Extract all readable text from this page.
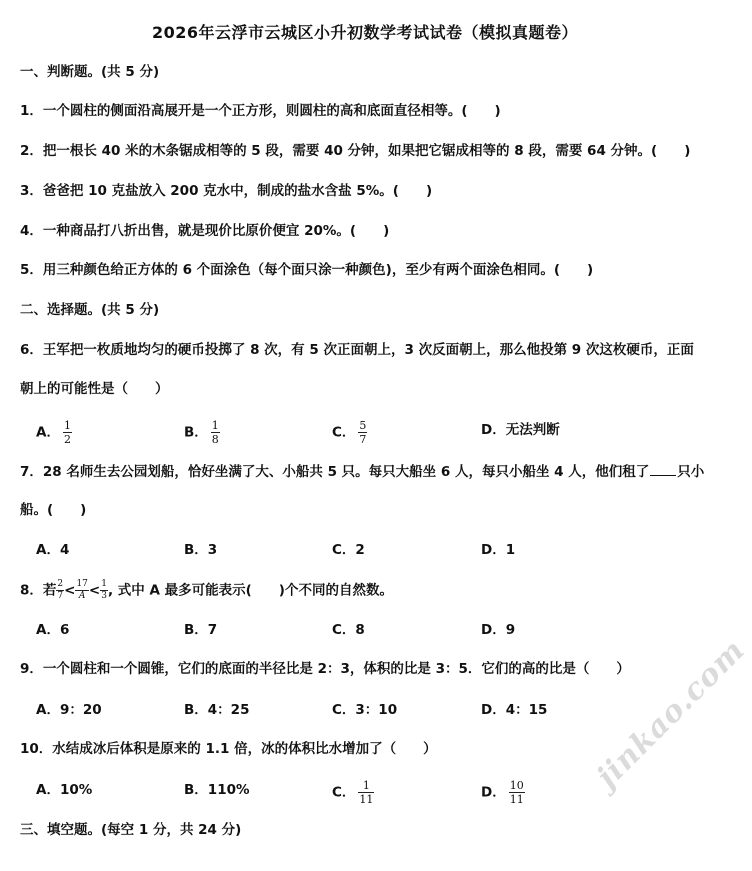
2026年云浮市云城区小升初数学考试试卷（模拟真题卷）
一、判断题。(共 5 分)
1．一个圆柱的侧面沿高展开是一个正方形，则圆柱的高和底面直径相等。(　　)
2．把一根长 40 米的木条锯成相等的 5 段，需要 40 分钟，如果把它锯成相等的 8 段，需要 64 分钟。(　　)
3．爸爸把 10 克盐放入 200 克水中，制成的盐水含盐 5%。(　　)
4．一种商品打八折出售，就是现价比原价便宜 20%。(　　)
5．用三种颜色给正方体的 6 个面涂色（每个面只涂一种颜色)，至少有两个面涂色相同。(　　)
二、选择题。(共 5 分)
6．王军把一枚质地均匀的硬币投掷了 8 次，有 5 次正面朝上，3 次反面朝上，那么他投第 9 次这枚硬币，正面
朝上的可能性是（　　）
A． $\frac{1}{2}$	B． $\frac{1}{8}$	C． $\frac{5}{7}$	D．无法判断
7．28 名师生去公园划船，恰好坐满了大、小船共 5 只。每只大船坐 6 人，每只小船坐 4 人，他们租了 只小
船。(　　)
A．4	B．3	C．2	D．1
8．若 $\frac{2}{7} < \frac{17}{A} < \frac{1}{3}$ , 式中 A 最多可能表示(　　)个不同的自然数。
A．6	B．7	C．8	D．9
9．一个圆柱和一个圆锥，它们的底面的半径比是 2：3，体积的比是 3：5．它们的高的比是（　　）
A．9：20	B．4：25	C．3：10	D．4：15
10．水结成冰后体积是原来的 1.1 倍，冰的体积比水增加了（　　）
A．10%	B．110%	C． $\frac{1}{11}$	D． $\frac{10}{11}$
三、填空题。(每空 1 分，共 24 分)
jinkao.com
